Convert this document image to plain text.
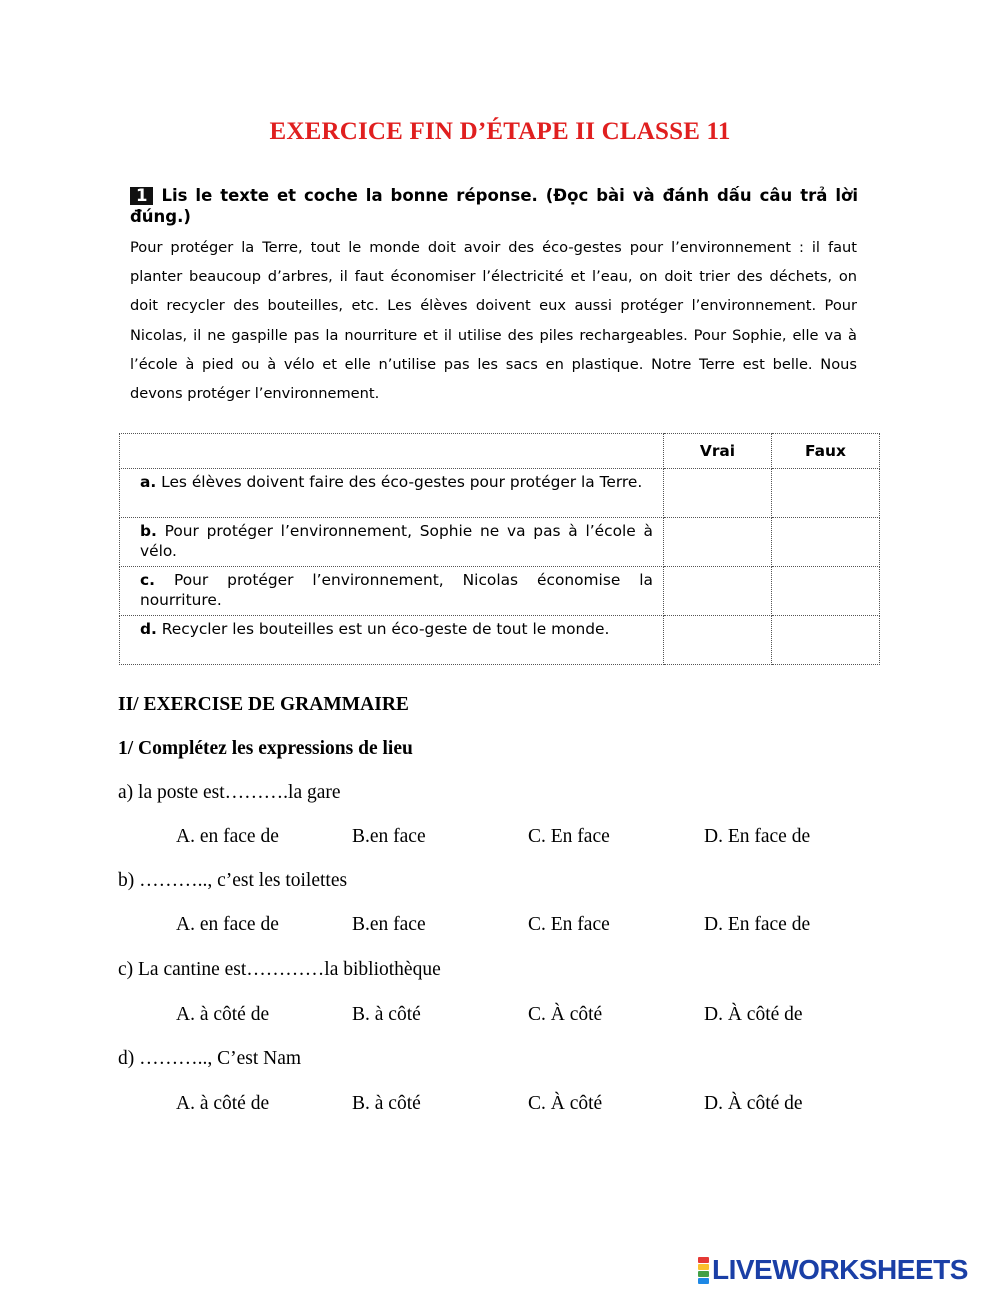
EXERCICE FIN D’ÉTAPE II CLASSE 11
1 Lis le texte et coche la bonne réponse. (Đọc bài và đánh dấu câu trả lời đúng.)
Pour protéger la Terre, tout le monde doit avoir des éco-gestes pour l’environnement : il faut planter beaucoup d’arbres, il faut économiser l’électricité et l’eau, on doit trier des déchets, on doit recycler des bouteilles, etc. Les élèves doivent eux aussi protéger l’environnement. Pour Nicolas, il ne gaspille pas la nourriture et il utilise des piles rechargeables. Pour Sophie, elle va à l’école à pied ou à vélo et elle n’utilise pas les sacs en plastique. Notre Terre est belle. Nous devons protéger l’environnement.
	Vrai	Faux
a. Les élèves doivent faire des éco-gestes pour protéger la Terre.		
b. Pour protéger l’environnement, Sophie ne va pas à l’école à vélo.		
c. Pour protéger l’environnement, Nicolas économise la nourriture.		
d. Recycler les bouteilles est un éco-geste de tout le monde.		
II/ EXERCISE DE GRAMMAIRE
1/ Complétez les expressions de lieu
a) la poste est……….la gare
A. en face de	B.en face	C. En face	D. En face de
b) ……….., c’est les toilettes
A. en face de	B.en face	C. En face	D. En face de
c) La cantine est…………la bibliothèque
A. à côté de	B. à côté	C. À côté	D. À côté de
d) ……….., C’est Nam
A. à côté de	B. à côté	C. À côté	D. À côté de
LIVEWORKSHEETS
